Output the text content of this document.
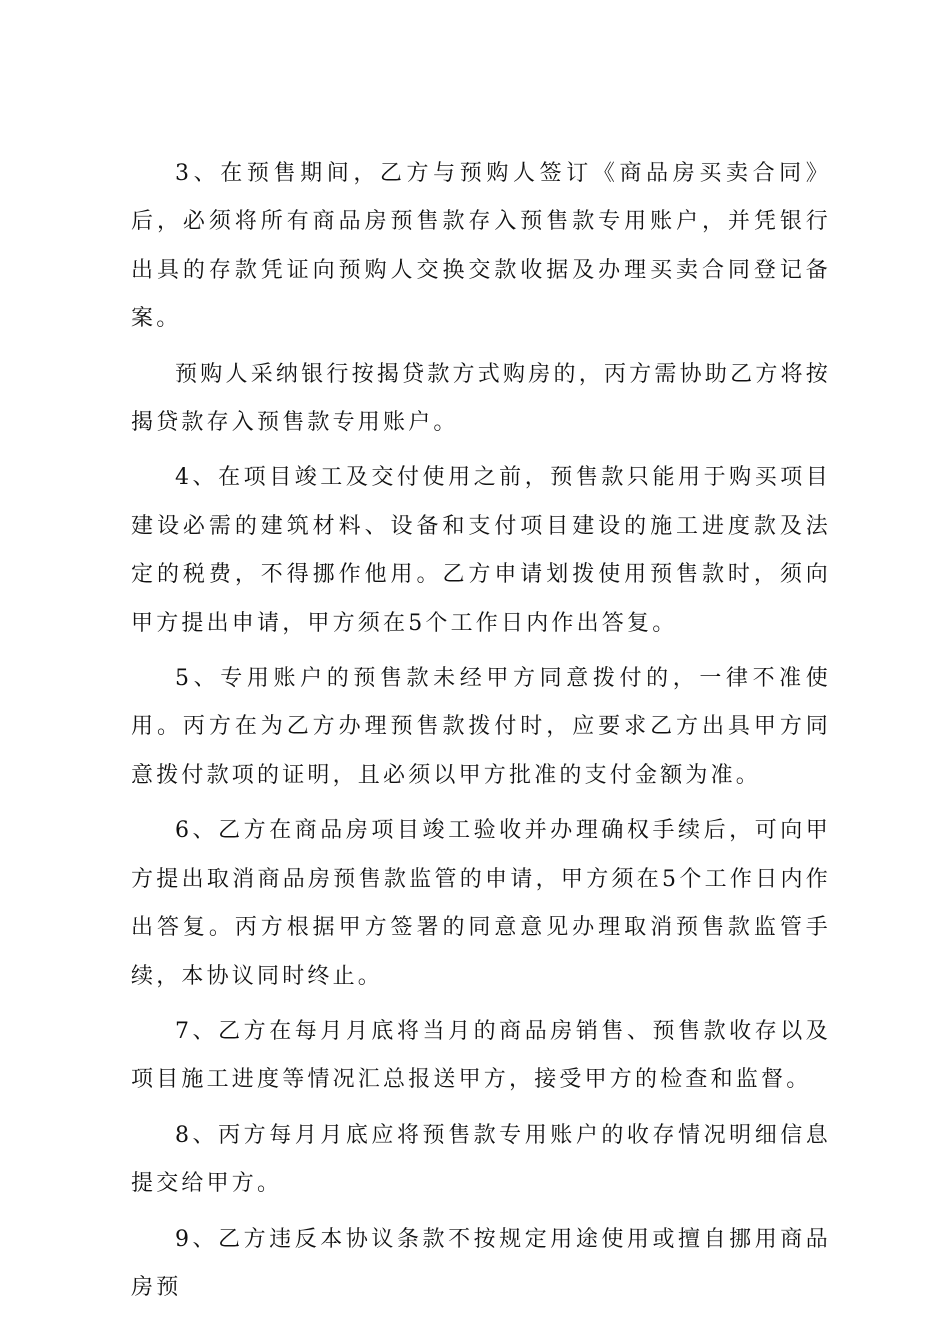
3、在预售期间，乙方与预购人签订《商品房买卖合同》后，必须将所有商品房预售款存入预售款专用账户，并凭银行出具的存款凭证向预购人交换交款收据及办理买卖合同登记备案。

预购人采纳银行按揭贷款方式购房的，丙方需协助乙方将按揭贷款存入预售款专用账户。

4、在项目竣工及交付使用之前，预售款只能用于购买项目建设必需的建筑材料、设备和支付项目建设的施工进度款及法定的税费，不得挪作他用。乙方申请划拨使用预售款时，须向甲方提出申请，甲方须在5个工作日内作出答复。

5、专用账户的预售款未经甲方同意拨付的，一律不准使用。丙方在为乙方办理预售款拨付时，应要求乙方出具甲方同意拨付款项的证明，且必须以甲方批准的支付金额为准。

6、乙方在商品房项目竣工验收并办理确权手续后，可向甲方提出取消商品房预售款监管的申请，甲方须在5个工作日内作出答复。丙方根据甲方签署的同意意见办理取消预售款监管手续，本协议同时终止。

7、乙方在每月月底将当月的商品房销售、预售款收存以及项目施工进度等情况汇总报送甲方，接受甲方的检查和监督。

8、丙方每月月底应将预售款专用账户的收存情况明细信息提交给甲方。

9、乙方违反本协议条款不按规定用途使用或擅自挪用商品房预
